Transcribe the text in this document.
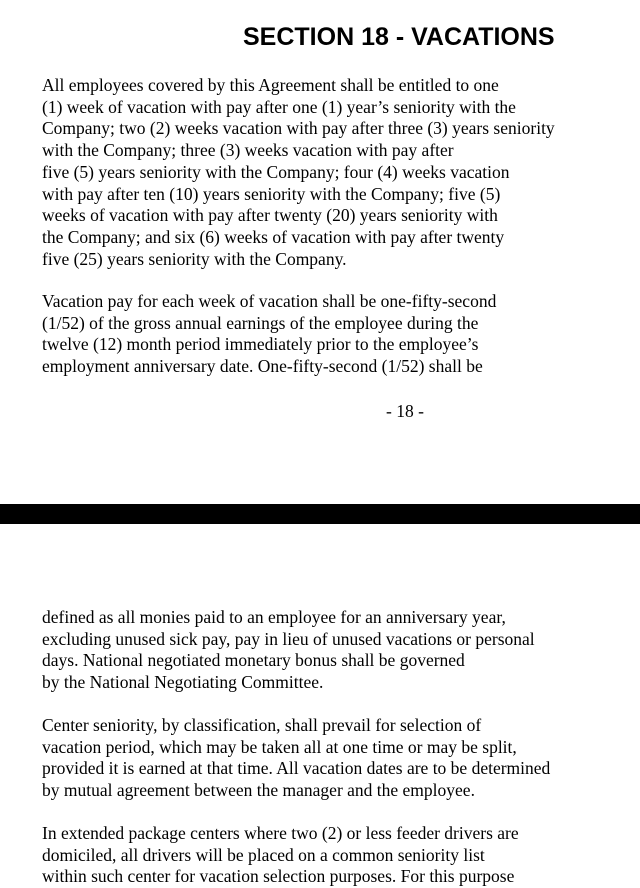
SECTION 18 - VACATIONS

All employees covered by this Agreement shall be entitled to one
(1) week of vacation with pay after one (1) year’s seniority with the
Company; two (2) weeks vacation with pay after three (3) years seniority
with the Company; three (3) weeks vacation with pay after
five (5) years seniority with the Company; four (4) weeks vacation
with pay after ten (10) years seniority with the Company; five (5)
weeks of vacation with pay after twenty (20) years seniority with
the Company; and six (6) weeks of vacation with pay after twenty
five (25) years seniority with the Company.

Vacation pay for each week of vacation shall be one-fifty-second
(1/52) of the gross annual earnings of the employee during the
twelve (12) month period immediately prior to the employee’s
employment anniversary date. One-fifty-second (1/52) shall be

- 18 -

defined as all monies paid to an employee for an anniversary year,
excluding unused sick pay, pay in lieu of unused vacations or personal
days. National negotiated monetary bonus shall be governed
by the National Negotiating Committee.

Center seniority, by classification, shall prevail for selection of
vacation period, which may be taken all at one time or may be split,
provided it is earned at that time. All vacation dates are to be determined
by mutual agreement between the manager and the employee.

In extended package centers where two (2) or less feeder drivers are
domiciled, all drivers will be placed on a common seniority list
within such center for vacation selection purposes. For this purpose
